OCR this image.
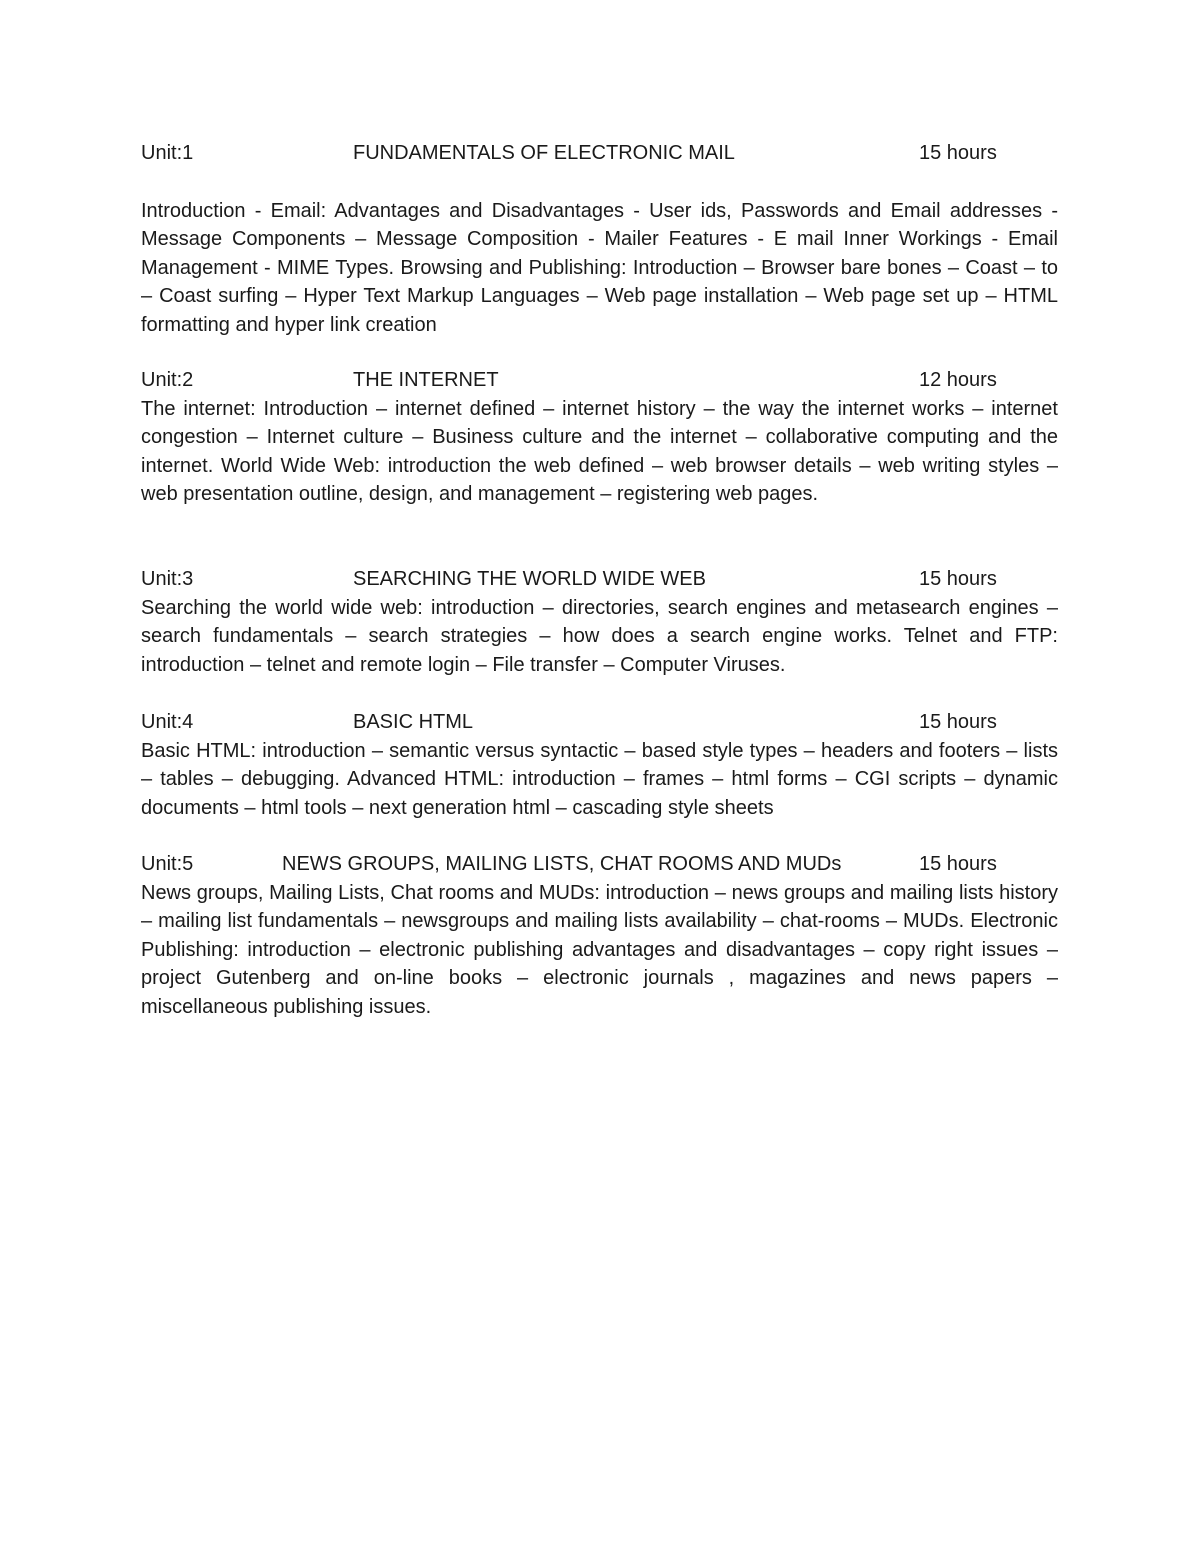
Unit:1	FUNDAMENTALS OF ELECTRONIC MAIL	15 hours

Introduction - Email: Advantages and Disadvantages - User ids, Passwords and Email addresses - Message Components – Message Composition - Mailer Features - E mail Inner Workings - Email Management - MIME Types. Browsing and Publishing: Introduction – Browser bare bones – Coast – to – Coast surfing – Hyper Text Markup Languages – Web page installation – Web page set up – HTML formatting and hyper link creation

Unit:2	THE INTERNET	12 hours

The internet: Introduction – internet defined – internet history – the way the internet works – internet congestion – Internet culture – Business culture and the internet – collaborative computing and the internet. World Wide Web: introduction the web defined – web browser details – web writing styles – web presentation outline, design, and management – registering web pages.

Unit:3	SEARCHING THE WORLD WIDE WEB	15 hours

Searching the world wide web: introduction – directories, search engines and metasearch engines – search fundamentals – search strategies – how does a search engine works. Telnet and FTP: introduction – telnet and remote login – File transfer – Computer Viruses.

Unit:4	BASIC HTML	15 hours

Basic HTML: introduction – semantic versus syntactic – based style types – headers and footers – lists – tables – debugging. Advanced HTML: introduction – frames – html forms – CGI scripts – dynamic documents – html tools – next generation html – cascading style sheets

Unit:5	NEWS GROUPS, MAILING LISTS, CHAT ROOMS AND MUDs	15 hours

News groups, Mailing Lists, Chat rooms and MUDs: introduction – news groups and mailing lists history – mailing list fundamentals – newsgroups and mailing lists availability – chat-rooms – MUDs. Electronic Publishing: introduction – electronic publishing advantages and disadvantages – copy right issues – project Gutenberg and on-line books – electronic journals , magazines and news papers – miscellaneous publishing issues.
